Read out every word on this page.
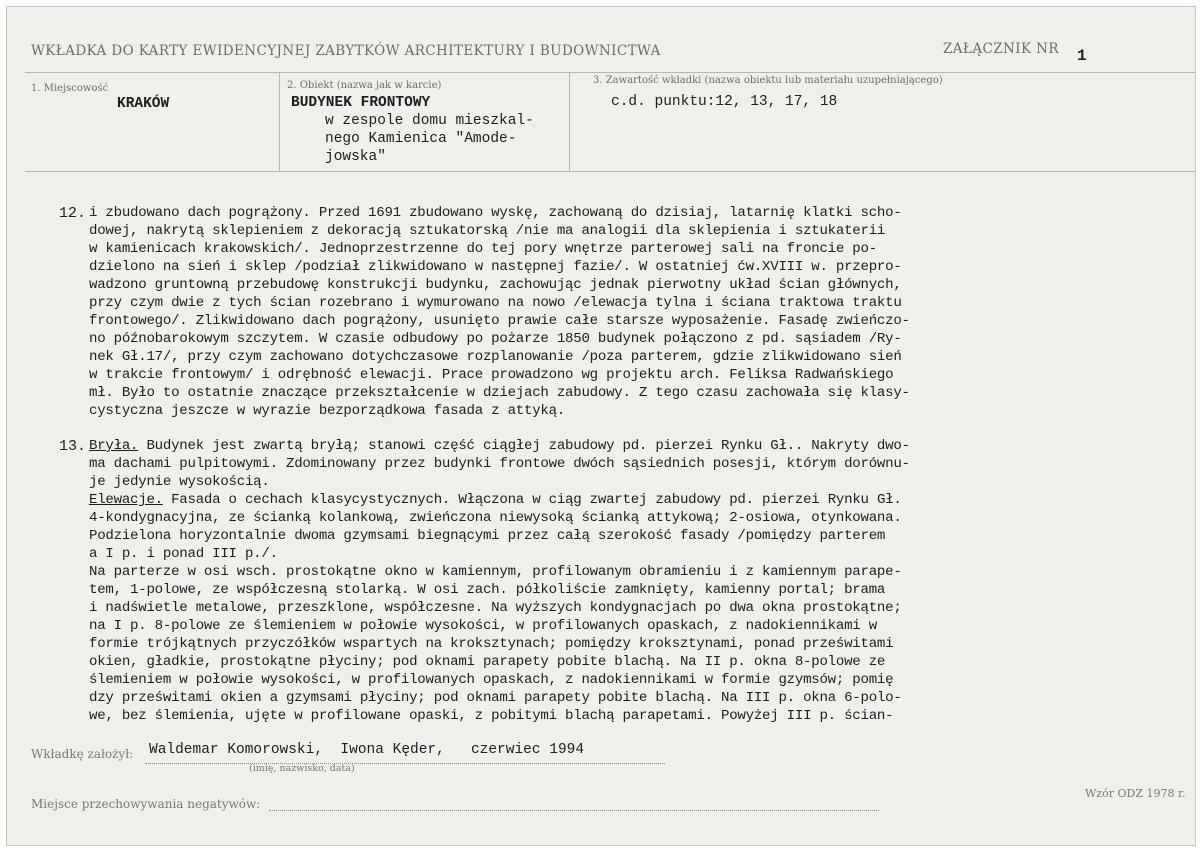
WKŁADKA DO KARTY EWIDENCYJNEJ ZABYTKÓW ARCHITEKTURY I BUDOWNICTWA	ZAŁĄCZNIK NR 1
1. Miejscowość
KRAKÓW
2. Obiekt (nazwa jak w karcie)
BUDYNEK FRONTOWY
w zespole domu mieszkal-
nego Kamienica "Amode-
jowska"
3. Zawartość wkładki (nazwa obiektu lub materiału uzupełniającego)
c.d. punktu:12, 13, 17, 18
12. i zbudowano dach pogrążony. Przed 1691 zbudowano wyskę, zachowaną do dzisiaj, latarnię klatki scho-
dowej, nakrytą sklepieniem z dekoracją sztukatorską /nie ma analogii dla sklepienia i sztukaterii
w kamienicach krakowskich/. Jednoprzestrzenne do tej pory wnętrze parterowej sali na froncie po-
dzielono na sień i sklep /podział zlikwidowano w następnej fazie/. W ostatniej ćw.XVIII w. przepro-
wadzono gruntowną przebudowę konstrukcji budynku, zachowując jednak pierwotny układ ścian głównych,
przy czym dwie z tych ścian rozebrano i wymurowano na nowo /elewacja tylna i ściana traktowa traktu
frontowego/. Zlikwidowano dach pogrążony, usunięto prawie całe starsze wyposażenie. Fasadę zwieńczo-
no późnobarokowym szczytem. W czasie odbudowy po pożarze 1850 budynek połączono z pd. sąsiadem /Ry-
nek Gł.17/, przy czym zachowano dotychczasowe rozplanowanie /poza parterem, gdzie zlikwidowano sień
w trakcie frontowym/ i odrębność elewacji. Prace prowadzono wg projektu arch. Feliksa Radwańskiego
mł. Było to ostatnie znaczące przekształcenie w dziejach zabudowy. Z tego czasu zachowała się klasy-
cystyczna jeszcze w wyrazie bezporządkowa fasada z attyką.
13. Bryła. Budynek jest zwartą bryłą; stanowi część ciągłej zabudowy pd. pierzei Rynku Gł.. Nakryty dwo-
ma dachami pulpitowymi. Zdominowany przez budynki frontowe dwóch sąsiednich posesji, którym dorównu-
je jedynie wysokością.
Elewacje. Fasada o cechach klasycystycznych. Włączona w ciąg zwartej zabudowy pd. pierzei Rynku Gł.
4-kondygnacyjna, ze ścianką kolankową, zwieńczona niewysoką ścianką attykową; 2-osiowa, otynkowana.
Podzielona horyzontalnie dwoma gzymsami biegnącymi przez całą szerokość fasady /pomiędzy parterem
a I p. i ponad III p./.
Na parterze w osi wsch. prostokątne okno w kamiennym, profilowanym obramieniu i z kamiennym parape-
tem, 1-polowe, ze współczesną stolarką. W osi zach. półkoliście zamknięty, kamienny portal; brama
i nadświetle metalowe, przeszklone, współczesne. Na wyższych kondygnacjach po dwa okna prostokątne;
na I p. 8-polowe ze ślemieniem w połowie wysokości, w profilowanych opaskach, z nadokiennikami w
formie trójkątnych przyczółków wspartych na kroksztynach; pomiędzy kroksztynami, ponad prześwitami
okien, gładkie, prostokątne płyciny; pod oknami parapety pobite blachą. Na II p. okna 8-polowe ze
ślemieniem w połowie wysokości, w profilowanych opaskach, z nadokiennikami w formie gzymsów; pomię
dzy prześwitami okien a gzymsami płyciny; pod oknami parapety pobite blachą. Na III p. okna 6-polo-
we, bez ślemienia, ujęte w profilowane opaski, z pobitymi blachą parapetami. Powyżej III p. ścian-
Wkładkę założył: Waldemar Komorowski,  Iwona Kęder,   czerwiec 1994
(imię, nazwisko, data)
Miejsce przechowywania negatywów:
Wzór ODZ 1978 r.
